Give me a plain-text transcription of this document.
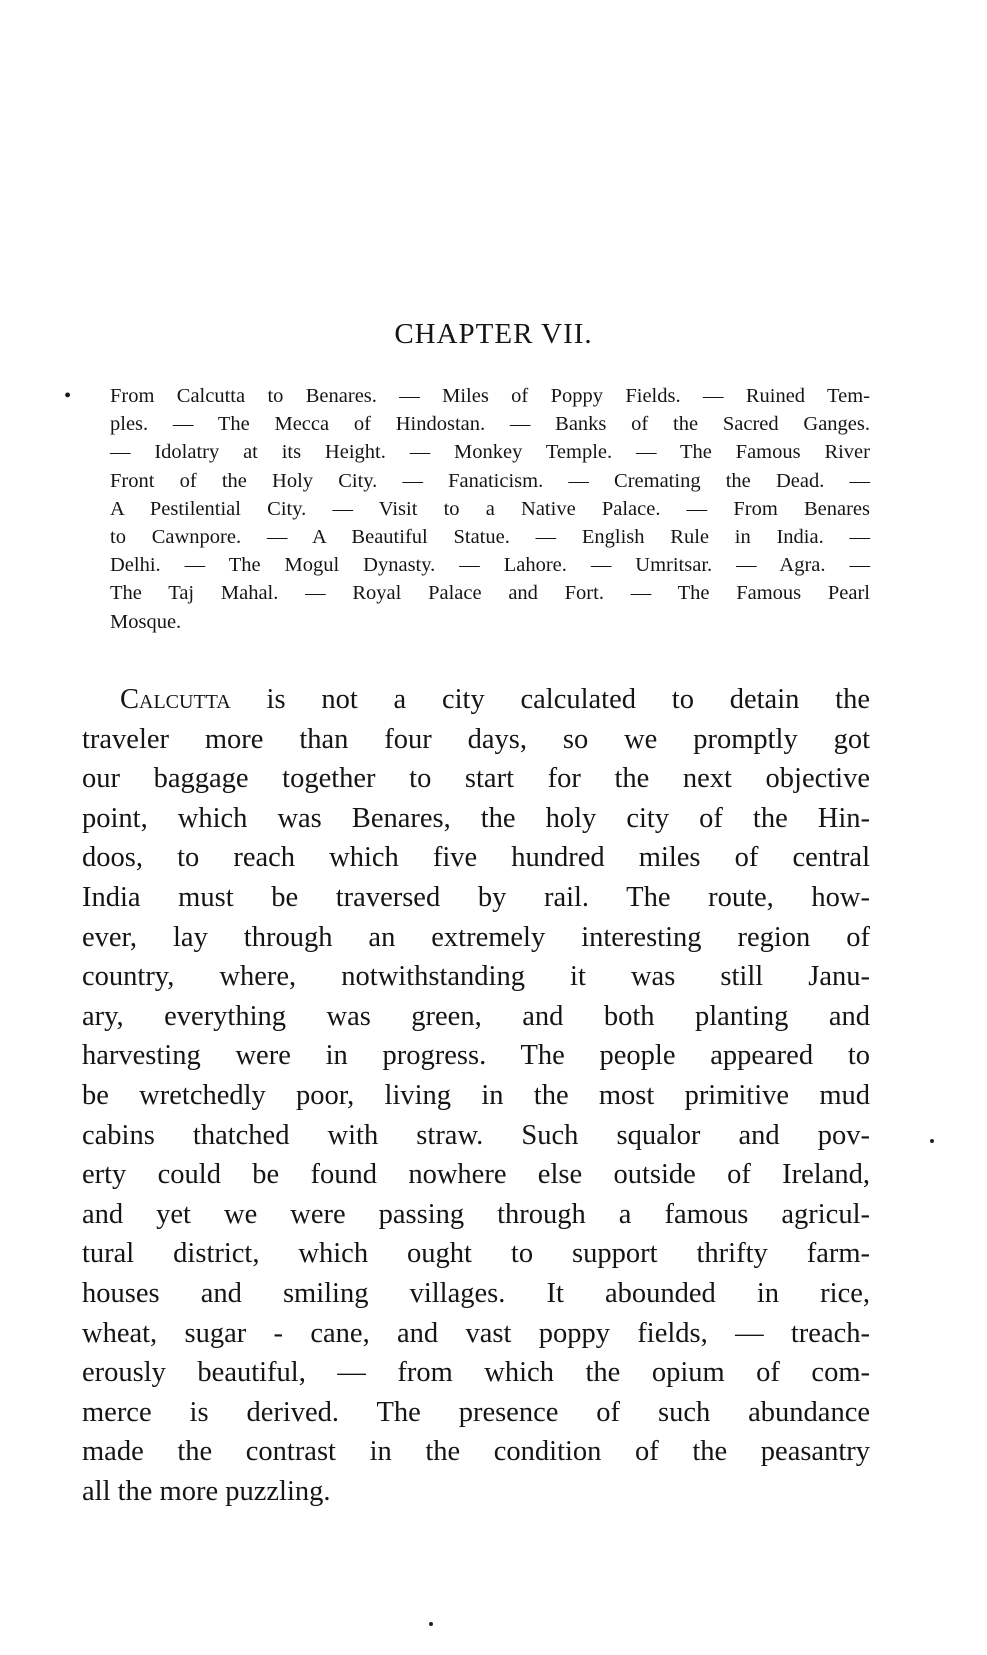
CHAPTER VII.
• From Calcutta to Benares. — Miles of Poppy Fields. — Ruined Tem-
ples. — The Mecca of Hindostan. — Banks of the Sacred Ganges.
— Idolatry at its Height. — Monkey Temple. — The Famous River
Front of the Holy City. — Fanaticism. — Cremating the Dead. —
A Pestilential City. — Visit to a Native Palace. — From Benares
to Cawnpore. — A Beautiful Statue. — English Rule in India. —
Delhi. — The Mogul Dynasty. — Lahore. — Umritsar. — Agra. —
The Taj Mahal. — Royal Palace and Fort. — The Famous Pearl
Mosque.
Calcutta is not a city calculated to detain the
traveler more than four days, so we promptly got
our baggage together to start for the next objective
point, which was Benares, the holy city of the Hin-
doos, to reach which five hundred miles of central
India must be traversed by rail. The route, how-
ever, lay through an extremely interesting region of
country, where, notwithstanding it was still Janu-
ary, everything was green, and both planting and
harvesting were in progress. The people appeared to
be wretchedly poor, living in the most primitive mud
cabins thatched with straw. Such squalor and pov-
erty could be found nowhere else outside of Ireland,
and yet we were passing through a famous agricul-
tural district, which ought to support thrifty farm-
houses and smiling villages. It abounded in rice,
wheat, sugar - cane, and vast poppy fields, — treach-
erously beautiful, — from which the opium of com-
merce is derived. The presence of such abundance
made the contrast in the condition of the peasantry
all the more puzzling.
